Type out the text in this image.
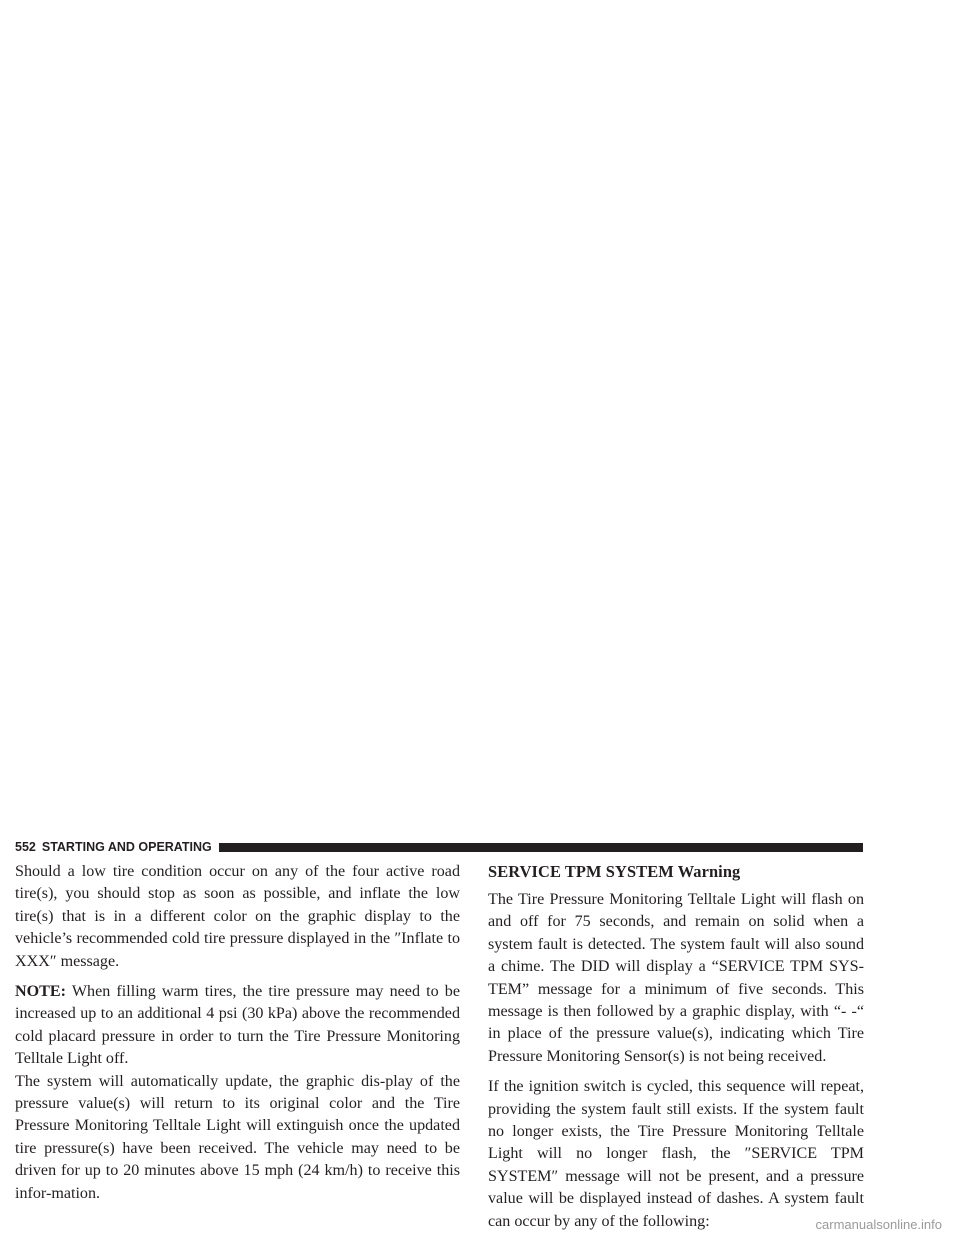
552 STARTING AND OPERATING

Should a low tire condition occur on any of the four active road tire(s), you should stop as soon as possible, and inflate the low tire(s) that is in a different color on the graphic display to the vehicle’s recommended cold tire pressure displayed in the ″Inflate to XXX″ message.

NOTE: When filling warm tires, the tire pressure may need to be increased up to an additional 4 psi (30 kPa) above the recommended cold placard pressure in order to turn the Tire Pressure Monitoring Telltale Light off.

The system will automatically update, the graphic dis-play of the pressure value(s) will return to its original color and the Tire Pressure Monitoring Telltale Light will extinguish once the updated tire pressure(s) have been received. The vehicle may need to be driven for up to 20 minutes above 15 mph (24 km/h) to receive this infor-mation.

SERVICE TPM SYSTEM Warning

The Tire Pressure Monitoring Telltale Light will flash on and off for 75 seconds, and remain on solid when a system fault is detected. The system fault will also sound a chime. The DID will display a “SERVICE TPM SYS-TEM” message for a minimum of five seconds. This message is then followed by a graphic display, with “- -“ in place of the pressure value(s), indicating which Tire Pressure Monitoring Sensor(s) is not being received.

If the ignition switch is cycled, this sequence will repeat, providing the system fault still exists. If the system fault no longer exists, the Tire Pressure Monitoring Telltale Light will no longer flash, the ″SERVICE TPM SYSTEM″ message will not be present, and a pressure value will be displayed instead of dashes. A system fault can occur by any of the following:	carmanualsonline.info
